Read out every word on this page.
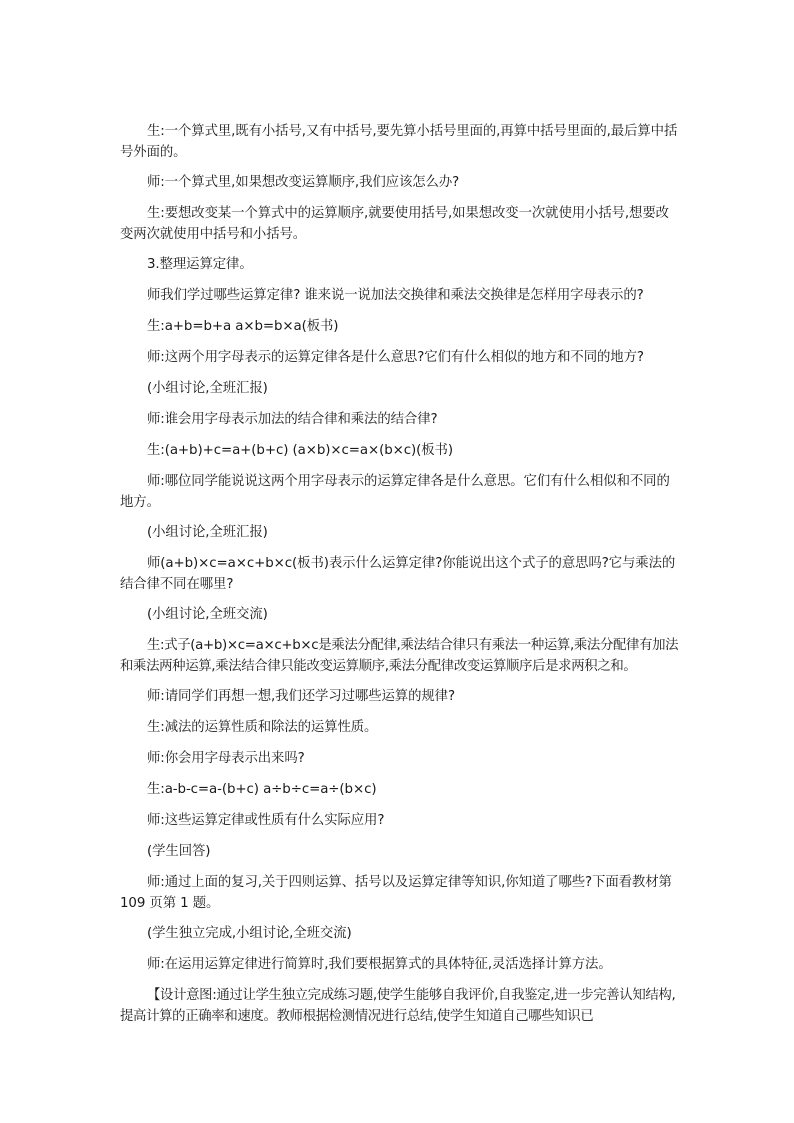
生:一个算式里,既有小括号,又有中括号,要先算小括号里面的,再算中括号里面的,最后算中括号外面的。

师:一个算式里,如果想改变运算顺序,我们应该怎么办?

生:要想改变某一个算式中的运算顺序,就要使用括号,如果想改变一次就使用小括号,想要改变两次就使用中括号和小括号。

3.整理运算定律。

师我们学过哪些运算定律? 谁来说一说加法交换律和乘法交换律是怎样用字母表示的?

生:a+b=b+a a×b=b×a(板书)

师:这两个用字母表示的运算定律各是什么意思?它们有什么相似的地方和不同的地方?

(小组讨论,全班汇报)

师:谁会用字母表示加法的结合律和乘法的结合律?

生:(a+b)+c=a+(b+c) (a×b)×c=a×(b×c)(板书)

师:哪位同学能说说这两个用字母表示的运算定律各是什么意思。它们有什么相似和不同的地方。

(小组讨论,全班汇报)

师(a+b)×c=a×c+b×c(板书)表示什么运算定律?你能说出这个式子的意思吗?它与乘法的结合律不同在哪里?

(小组讨论,全班交流)

生:式子(a+b)×c=a×c+b×c是乘法分配律,乘法结合律只有乘法一种运算,乘法分配律有加法和乘法两种运算,乘法结合律只能改变运算顺序,乘法分配律改变运算顺序后是求两积之和。

师:请同学们再想一想,我们还学习过哪些运算的规律?

生:减法的运算性质和除法的运算性质。

师:你会用字母表示出来吗?

生:a-b-c=a-(b+c) a÷b÷c=a÷(b×c)

师:这些运算定律或性质有什么实际应用?

(学生回答)

师:通过上面的复习,关于四则运算、括号以及运算定律等知识,你知道了哪些?下面看教材第 109 页第 1 题。

(学生独立完成,小组讨论,全班交流)

师:在运用运算定律进行简算时,我们要根据算式的具体特征,灵活选择计算方法。

【设计意图:通过让学生独立完成练习题,使学生能够自我评价,自我鉴定,进一步完善认知结构,提高计算的正确率和速度。教师根据检测情况进行总结,使学生知道自己哪些知识已
